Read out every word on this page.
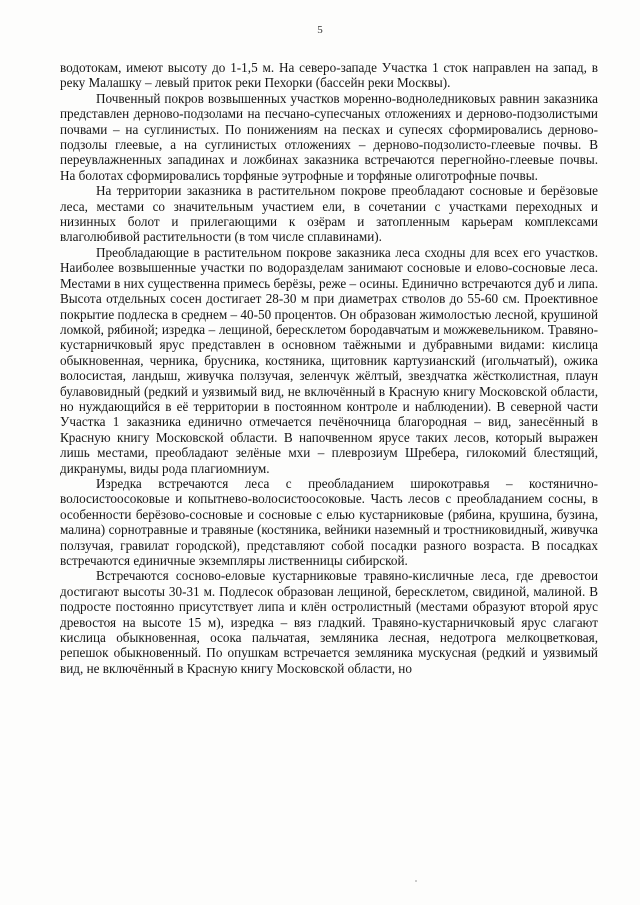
5

водотокам, имеют высоту до 1-1,5 м. На северо-западе Участка 1 сток направлен на запад, в реку Малашку – левый приток реки Пехорки (бассейн реки Москвы).

Почвенный покров возвышенных участков моренно-водноледниковых равнин заказника представлен дерново-подзолами на песчано-супесчаных отложениях и дерново-подзолистыми почвами – на суглинистых. По понижениям на песках и супесях сформировались дерново-подзолы глеевые, а на суглинистых отложениях – дерново-подзолисто-глеевые почвы. В переувлажненных западинах и ложбинах заказника встречаются перегнойно-глеевые почвы. На болотах сформировались торфяные эутрофные и торфяные олиготрофные почвы.

На территории заказника в растительном покрове преобладают сосновые и берёзовые леса, местами со значительным участием ели, в сочетании с участками переходных и низинных болот и прилегающими к озёрам и затопленным карьерам комплексами влаголюбивой растительности (в том числе сплавинами).

Преобладающие в растительном покрове заказника леса сходны для всех его участков. Наиболее возвышенные участки по водоразделам занимают сосновые и елово-сосновые леса. Местами в них существенна примесь берёзы, реже – осины. Единично встречаются дуб и липа. Высота отдельных сосен достигает 28-30 м при диаметрах стволов до 55-60 см. Проективное покрытие подлеска в среднем – 40-50 процентов. Он образован жимолостью лесной, крушиной ломкой, рябиной; изредка – лещиной, бересклетом бородавчатым и можжевельником. Травяно-кустарничковый ярус представлен в основном таёжными и дубравными видами: кислица обыкновенная, черника, брусника, костяника, щитовник картузианский (игольчатый), ожика волосистая, ландыш, живучка ползучая, зеленчук жёлтый, звездчатка жёстколистная, плаун булавовидный (редкий и уязвимый вид, не включённый в Красную книгу Московской области, но нуждающийся в её территории в постоянном контроле и наблюдении). В северной части Участка 1 заказника единично отмечается печёночница благородная – вид, занесённый в Красную книгу Московской области. В напочвенном ярусе таких лесов, который выражен лишь местами, преобладают зелёные мхи – плеврозиум Шребера, гилокомий блестящий, дикранумы, виды рода плагиомниум.

Изредка встречаются леса с преобладанием широкотравья – костянично-волосистоосоковые и копытнево-волосистоосоковые. Часть лесов с преобладанием сосны, в особенности берёзово-сосновые и сосновые с елью кустарниковые (рябина, крушина, бузина, малина) сорнотравные и травяные (костяника, вейники наземный и тростниковидный, живучка ползучая, гравилат городской), представляют собой посадки разного возраста. В посадках встречаются единичные экземпляры лиственницы сибирской.

Встречаются сосново-еловые кустарниковые травяно-кисличные леса, где древостои достигают высоты 30-31 м. Подлесок образован лещиной, бересклетом, свидиной, малиной. В подросте постоянно присутствует липа и клён остролистный (местами образуют второй ярус древостоя на высоте 15 м), изредка – вяз гладкий. Травяно-кустарничковый ярус слагают кислица обыкновенная, осока пальчатая, земляника лесная, недотрога мелкоцветковая, репешок обыкновенный. По опушкам встречается земляника мускусная (редкий и уязвимый вид, не включённый в Красную книгу Московской области, но
